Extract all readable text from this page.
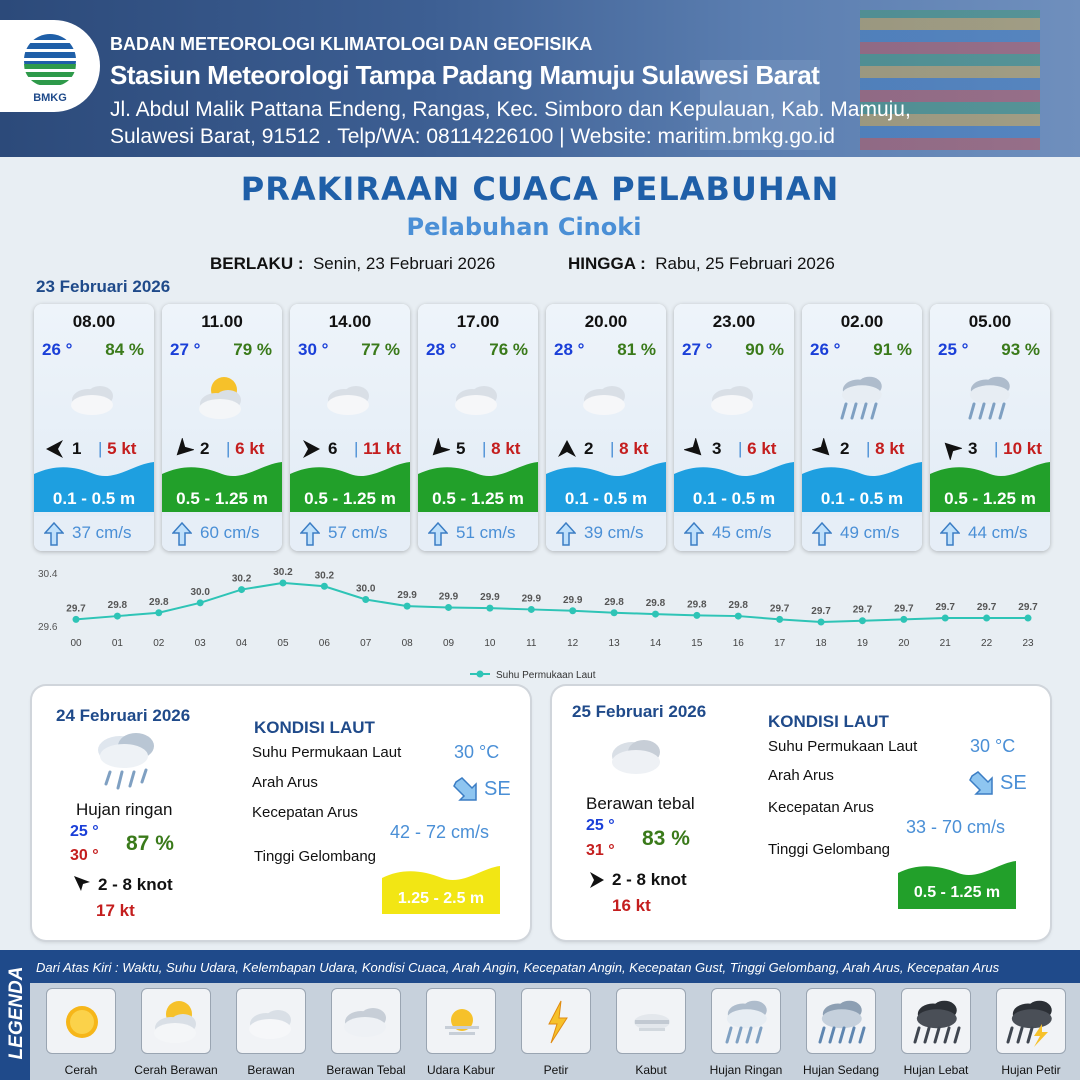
BMKG
BADAN METEOROLOGI KLIMATOLOGI DAN GEOFISIKA
Stasiun Meteorologi Tampa Padang Mamuju Sulawesi Barat
Jl. Abdul Malik Pattana Endeng, Rangas, Kec. Simboro dan Kepulauan, Kab. Mamuju,
Sulawesi Barat, 91512 . Telp/WA: 08114226100 | Website: maritim.bmkg.go.id
PRAKIRAAN CUACA PELABUHAN
Pelabuhan Cinoki
BERLAKU : Senin, 23 Februari 2026	HINGGA : Rabu, 25 Februari 2026
23 Februari 2026
08.00
26 ° 84 %
1 | 5 kt
0.1 - 0.5 m
37 cm/s
11.00
27 ° 79 %
2 | 6 kt
0.5 - 1.25 m
60 cm/s
14.00
30 ° 77 %
6 | 11 kt
0.5 - 1.25 m
57 cm/s
17.00
28 ° 76 %
5 | 8 kt
0.5 - 1.25 m
51 cm/s
20.00
28 ° 81 %
2 | 8 kt
0.1 - 0.5 m
39 cm/s
23.00
27 ° 90 %
3 | 6 kt
0.1 - 0.5 m
45 cm/s
02.00
26 ° 91 %
2 | 8 kt
0.1 - 0.5 m
49 cm/s
05.00
25 ° 93 %
3 | 10 kt
0.5 - 1.25 m
44 cm/s
30.4
29.6
29.7
00
29.8
01
29.8
02
30.0
03
30.2
04
30.2
05
30.2
06
30.0
07
29.9
08
29.9
09
29.9
10
29.9
11
29.9
12
29.8
13
29.8
14
29.8
15
29.8
16
29.7
17
29.7
18
29.7
19
29.7
20
29.7
21
29.7
22
29.7
23
Suhu Permukaan Laut
24 Februari 2026
Hujan ringan
25 °
30 °
87 %
2 - 8 knot
17 kt
KONDISI LAUT
Suhu Permukaan Laut	30 °C
Arah Arus	SE
Kecepatan Arus
42 - 72 cm/s
Tinggi Gelombang
1.25 - 2.5 m
25 Februari 2026
Berawan tebal
25 °
31 °
83 %
2 - 8 knot
16 kt
KONDISI LAUT
Suhu Permukaan Laut	30 °C
Arah Arus	SE
Kecepatan Arus
33 - 70 cm/s
Tinggi Gelombang
0.5 - 1.25 m
LEGENDA Dari Atas Kiri : Waktu, Suhu Udara, Kelembapan Udara, Kondisi Cuaca, Arah Angin, Kecepatan Angin, Kecepatan Gust, Tinggi Gelombang, Arah Arus, Kecepatan Arus
Cerah	Cerah Berawan	Berawan	Berawan Tebal	Udara Kabur	Petir	Kabut	Hujan Ringan	Hujan Sedang	Hujan Lebat	Hujan Petir
